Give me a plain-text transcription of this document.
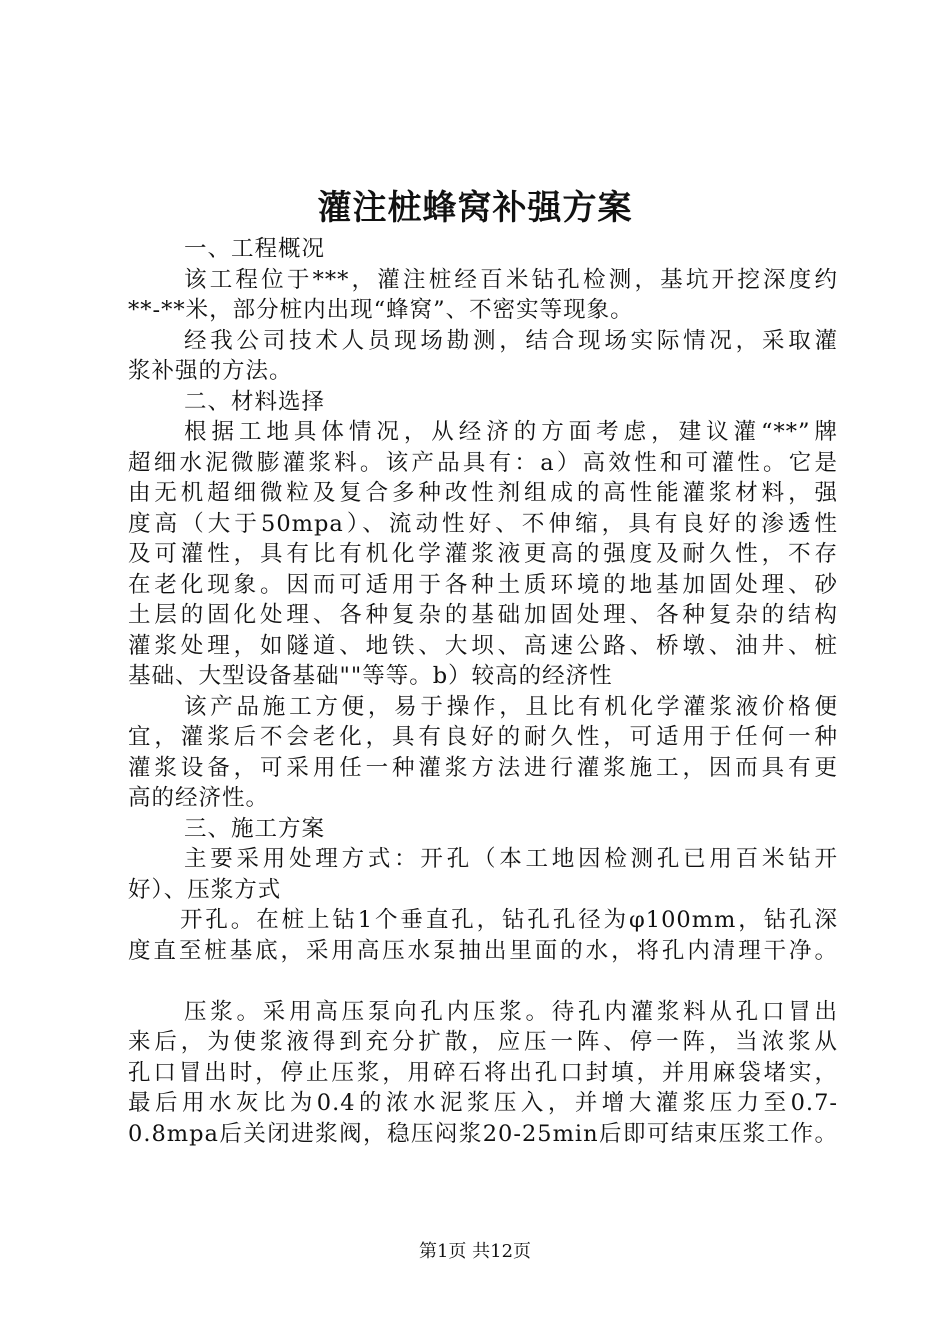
灌注桩蜂窝补强方案
一、工程概况
该工程位于***，灌注桩经百米钻孔检测，基坑开挖深度约
**-**米，部分桩内出现“蜂窝”、不密实等现象。
经我公司技术人员现场勘测，结合现场实际情况，采取灌
浆补强的方法。
二、材料选择
根据工地具体情况，从经济的方面考虑，建议灌“**”牌
超细水泥微膨灌浆料。该产品具有：a）高效性和可灌性。它是
由无机超细微粒及复合多种改性剂组成的高性能灌浆材料，强
度高（大于50mpa）、流动性好、不伸缩，具有良好的渗透性
及可灌性，具有比有机化学灌浆液更高的强度及耐久性，不存
在老化现象。因而可适用于各种土质环境的地基加固处理、砂
土层的固化处理、各种复杂的基础加固处理、各种复杂的结构
灌浆处理，如隧道、地铁、大坝、高速公路、桥墩、油井、桩
基础、大型设备基础""等等。b）较高的经济性
该产品施工方便，易于操作，且比有机化学灌浆液价格便
宜，灌浆后不会老化，具有良好的耐久性，可适用于任何一种
灌浆设备，可采用任一种灌浆方法进行灌浆施工，因而具有更
高的经济性。
三、施工方案
主要采用处理方式：开孔（本工地因检测孔已用百米钻开
好）、压浆方式
开孔。在桩上钻1个垂直孔，钻孔孔径为φ100mm，钻孔深
度直至桩基底，采用高压水泵抽出里面的水，将孔内清理干净。
压浆。采用高压泵向孔内压浆。待孔内灌浆料从孔口冒出
来后，为使浆液得到充分扩散，应压一阵、停一阵，当浓浆从
孔口冒出时，停止压浆，用碎石将出孔口封填，并用麻袋堵实，
最后用水灰比为0.4的浓水泥浆压入，并增大灌浆压力至0.7-
0.8mpa后关闭进浆阀，稳压闷浆20-25min后即可结束压浆工作。
第1页 共12页
